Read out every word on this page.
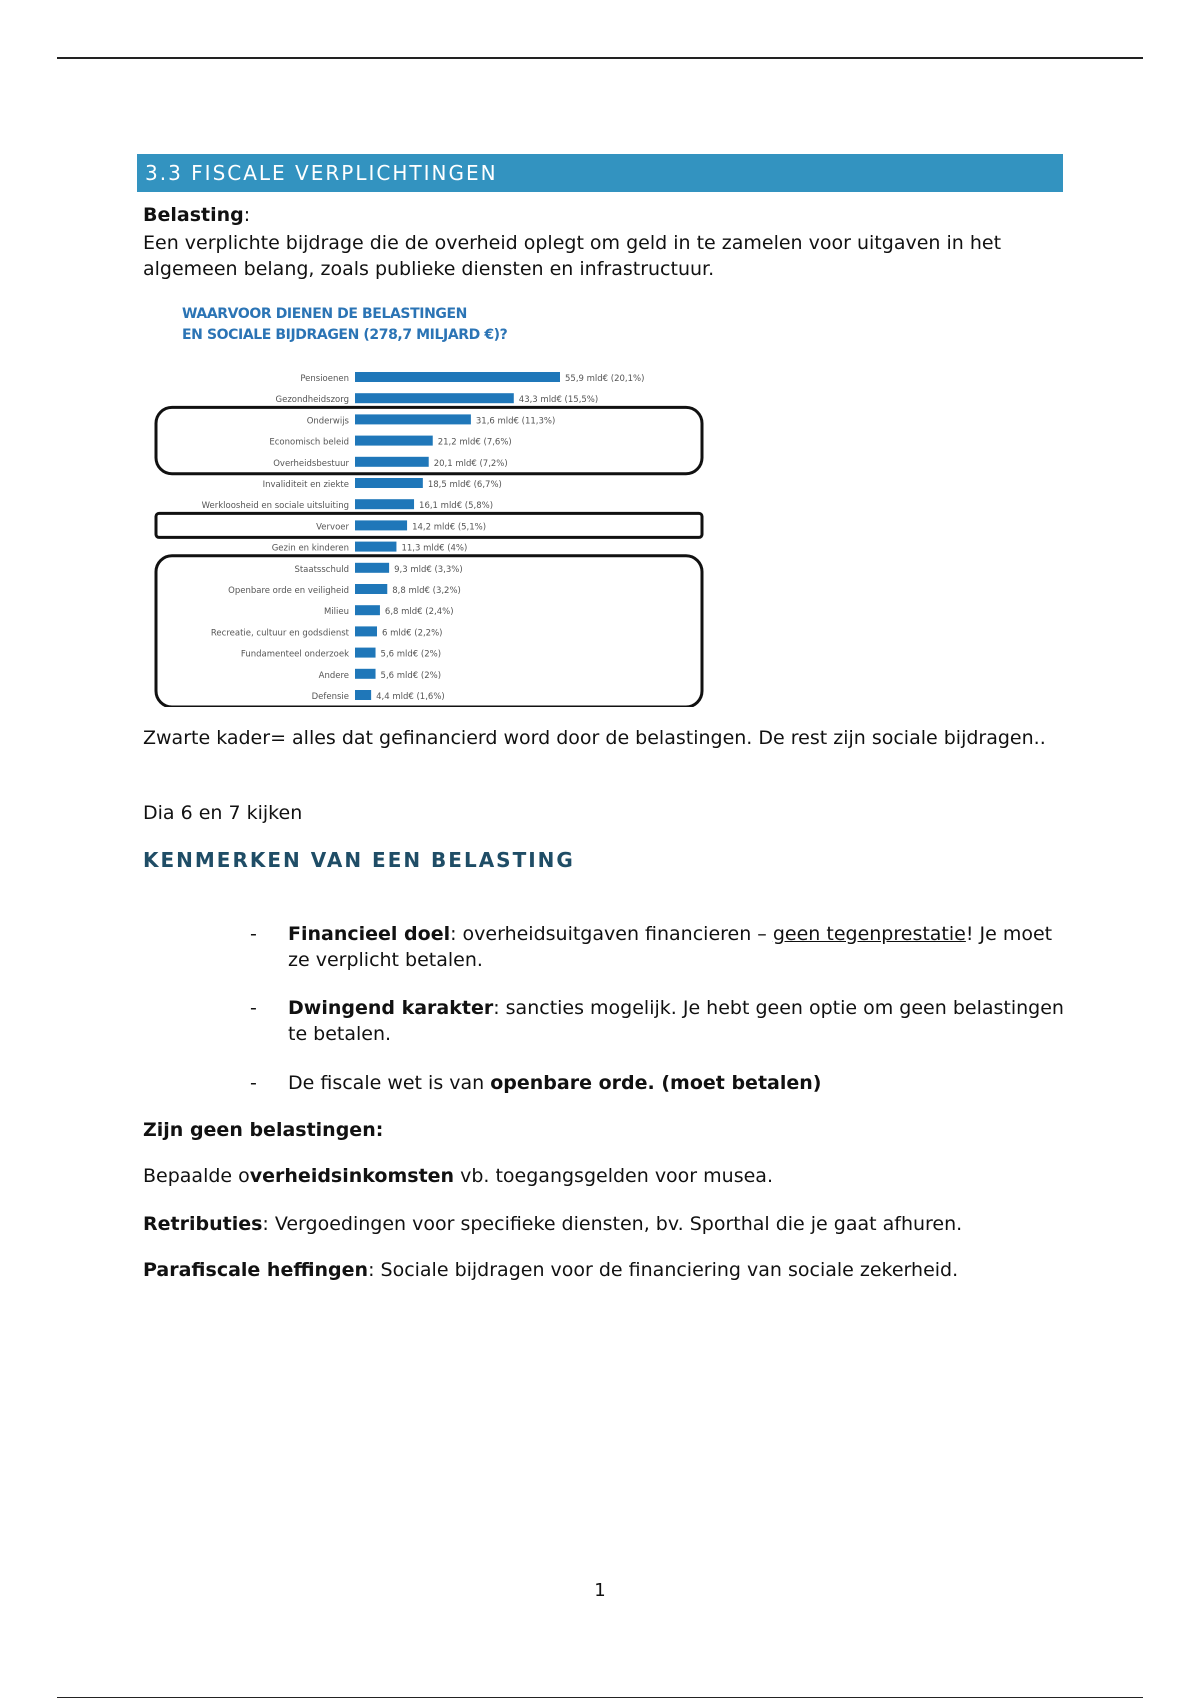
3.3 FISCALE VERPLICHTINGEN
Belasting:
Een verplichte bijdrage die de overheid oplegt om geld in te zamelen voor uitgaven in het algemeen belang, zoals publieke diensten en infrastructuur.
WAARVOOR DIENEN DE BELASTINGEN
EN SOCIALE BIJDRAGEN (278,7 MILJARD €)?
Pensioenen	55,9 mld€ (20,1%)
Gezondheidszorg	43,3 mld€ (15,5%)
Onderwijs	31,6 mld€ (11,3%)
Economisch beleid	21,2 mld€ (7,6%)
Overheidsbestuur	20,1 mld€ (7,2%)
Invaliditeit en ziekte	18,5 mld€ (6,7%)
Werkloosheid en sociale uitsluiting	16,1 mld€ (5,8%)
Vervoer	14,2 mld€ (5,1%)
Gezin en kinderen	11,3 mld€ (4%)
Staatsschuld	9,3 mld€ (3,3%)
Openbare orde en veiligheid	8,8 mld€ (3,2%)
Milieu	6,8 mld€ (2,4%)
Recreatie, cultuur en godsdienst	6 mld€ (2,2%)
Fundamenteel onderzoek	5,6 mld€ (2%)
Andere	5,6 mld€ (2%)
Defensie	4,4 mld€ (1,6%)
Zwarte kader= alles dat gefinancierd word door de belastingen. De rest zijn sociale bijdragen..
Dia 6 en 7 kijken
KENMERKEN VAN EEN BELASTING
-	Financieel doel: overheidsuitgaven financieren – geen tegenprestatie! Je moet ze verplicht betalen.
-	Dwingend karakter: sancties mogelijk. Je hebt geen optie om geen belastingen te betalen.
-	De fiscale wet is van openbare orde. (moet betalen)
Zijn geen belastingen:
Bepaalde overheidsinkomsten vb. toegangsgelden voor musea.
Retributies: Vergoedingen voor specifieke diensten, bv. Sporthal die je gaat afhuren.
Parafiscale heffingen: Sociale bijdragen voor de financiering van sociale zekerheid.
1
